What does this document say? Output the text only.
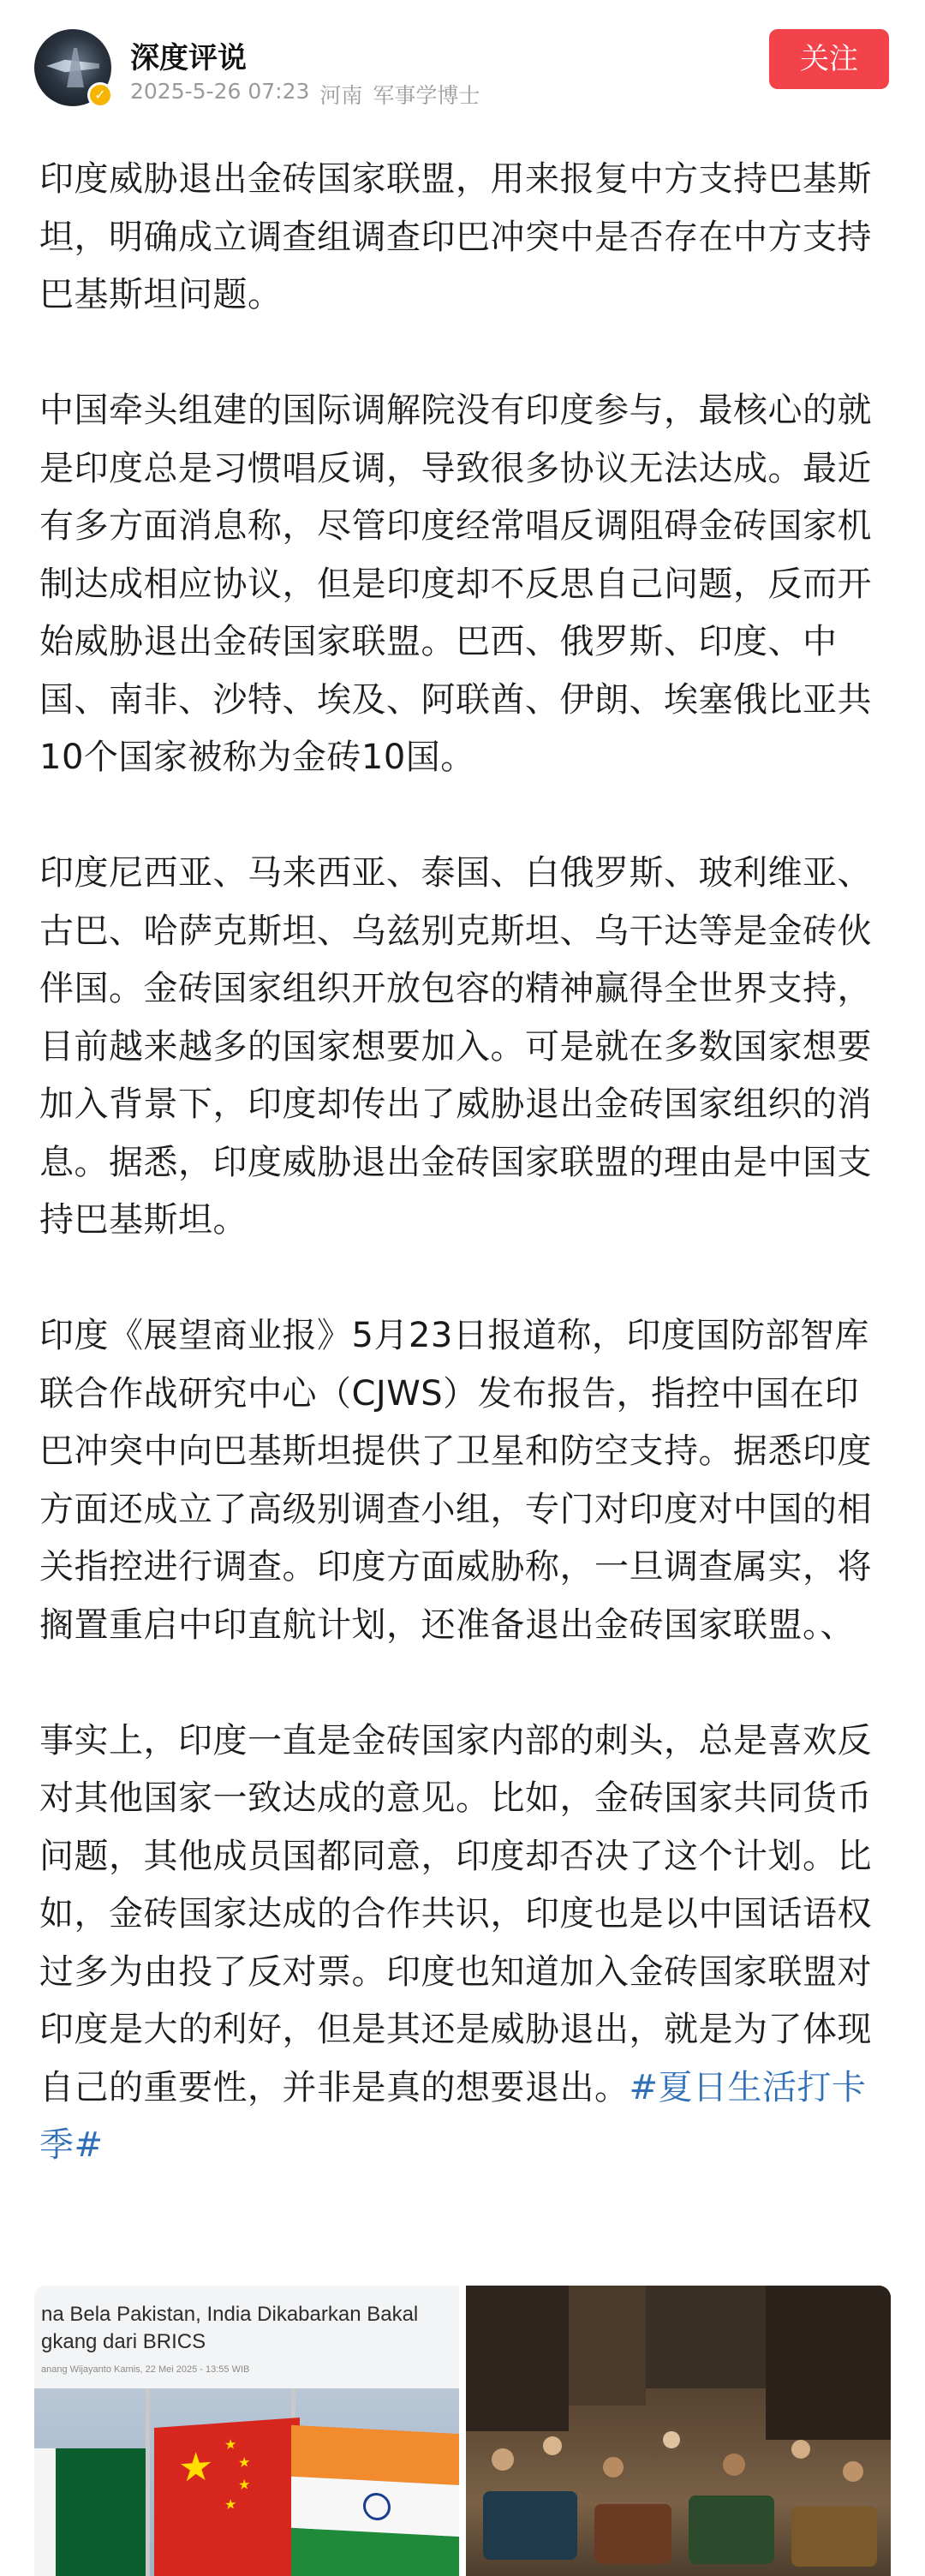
✓
深度评说
2025-5-26 07:23 河南 军事学博士
关注

印度威胁退出金砖国家联盟，用来报复中方支持巴基斯坦，明确成立调查组调查印巴冲突中是否存在中方支持巴基斯坦问题。

中国牵头组建的国际调解院没有印度参与，最核心的就是印度总是习惯唱反调，导致很多协议无法达成。最近有多方面消息称，尽管印度经常唱反调阻碍金砖国家机制达成相应协议，但是印度却不反思自己问题，反而开始威胁退出金砖国家联盟。巴西、俄罗斯、印度、中国、南非、沙特、埃及、阿联酋、伊朗、埃塞俄比亚共10个国家被称为金砖10国。

印度尼西亚、马来西亚、泰国、白俄罗斯、玻利维亚、古巴、哈萨克斯坦、乌兹别克斯坦、乌干达等是金砖伙伴国。金砖国家组织开放包容的精神赢得全世界支持，目前越来越多的国家想要加入。可是就在多数国家想要加入背景下，印度却传出了威胁退出金砖国家组织的消息。据悉，印度威胁退出金砖国家联盟的理由是中国支持巴基斯坦。

印度《展望商业报》5月23日报道称，印度国防部智库联合作战研究中心（CJWS）发布报告，指控中国在印巴冲突中向巴基斯坦提供了卫星和防空支持。据悉印度方面还成立了高级别调查小组，专门对印度对中国的相关指控进行调查。印度方面威胁称，一旦调查属实，将搁置重启中印直航计划，还准备退出金砖国家联盟。、

事实上，印度一直是金砖国家内部的刺头，总是喜欢反对其他国家一致达成的意见。比如，金砖国家共同货币问题，其他成员国都同意，印度却否决了这个计划。比如，金砖国家达成的合作共识，印度也是以中国话语权过多为由投了反对票。印度也知道加入金砖国家联盟对印度是大的利好，但是其还是威胁退出，就是为了体现自己的重要性，并非是真的想要退出。#夏日生活打卡季#

na Bela Pakistan, India Dikabarkan Bakal
gkang dari BRICS
anang Wijayanto Kamis, 22 Mei 2025 - 13:55 WIB
★ ★
★
★
★
